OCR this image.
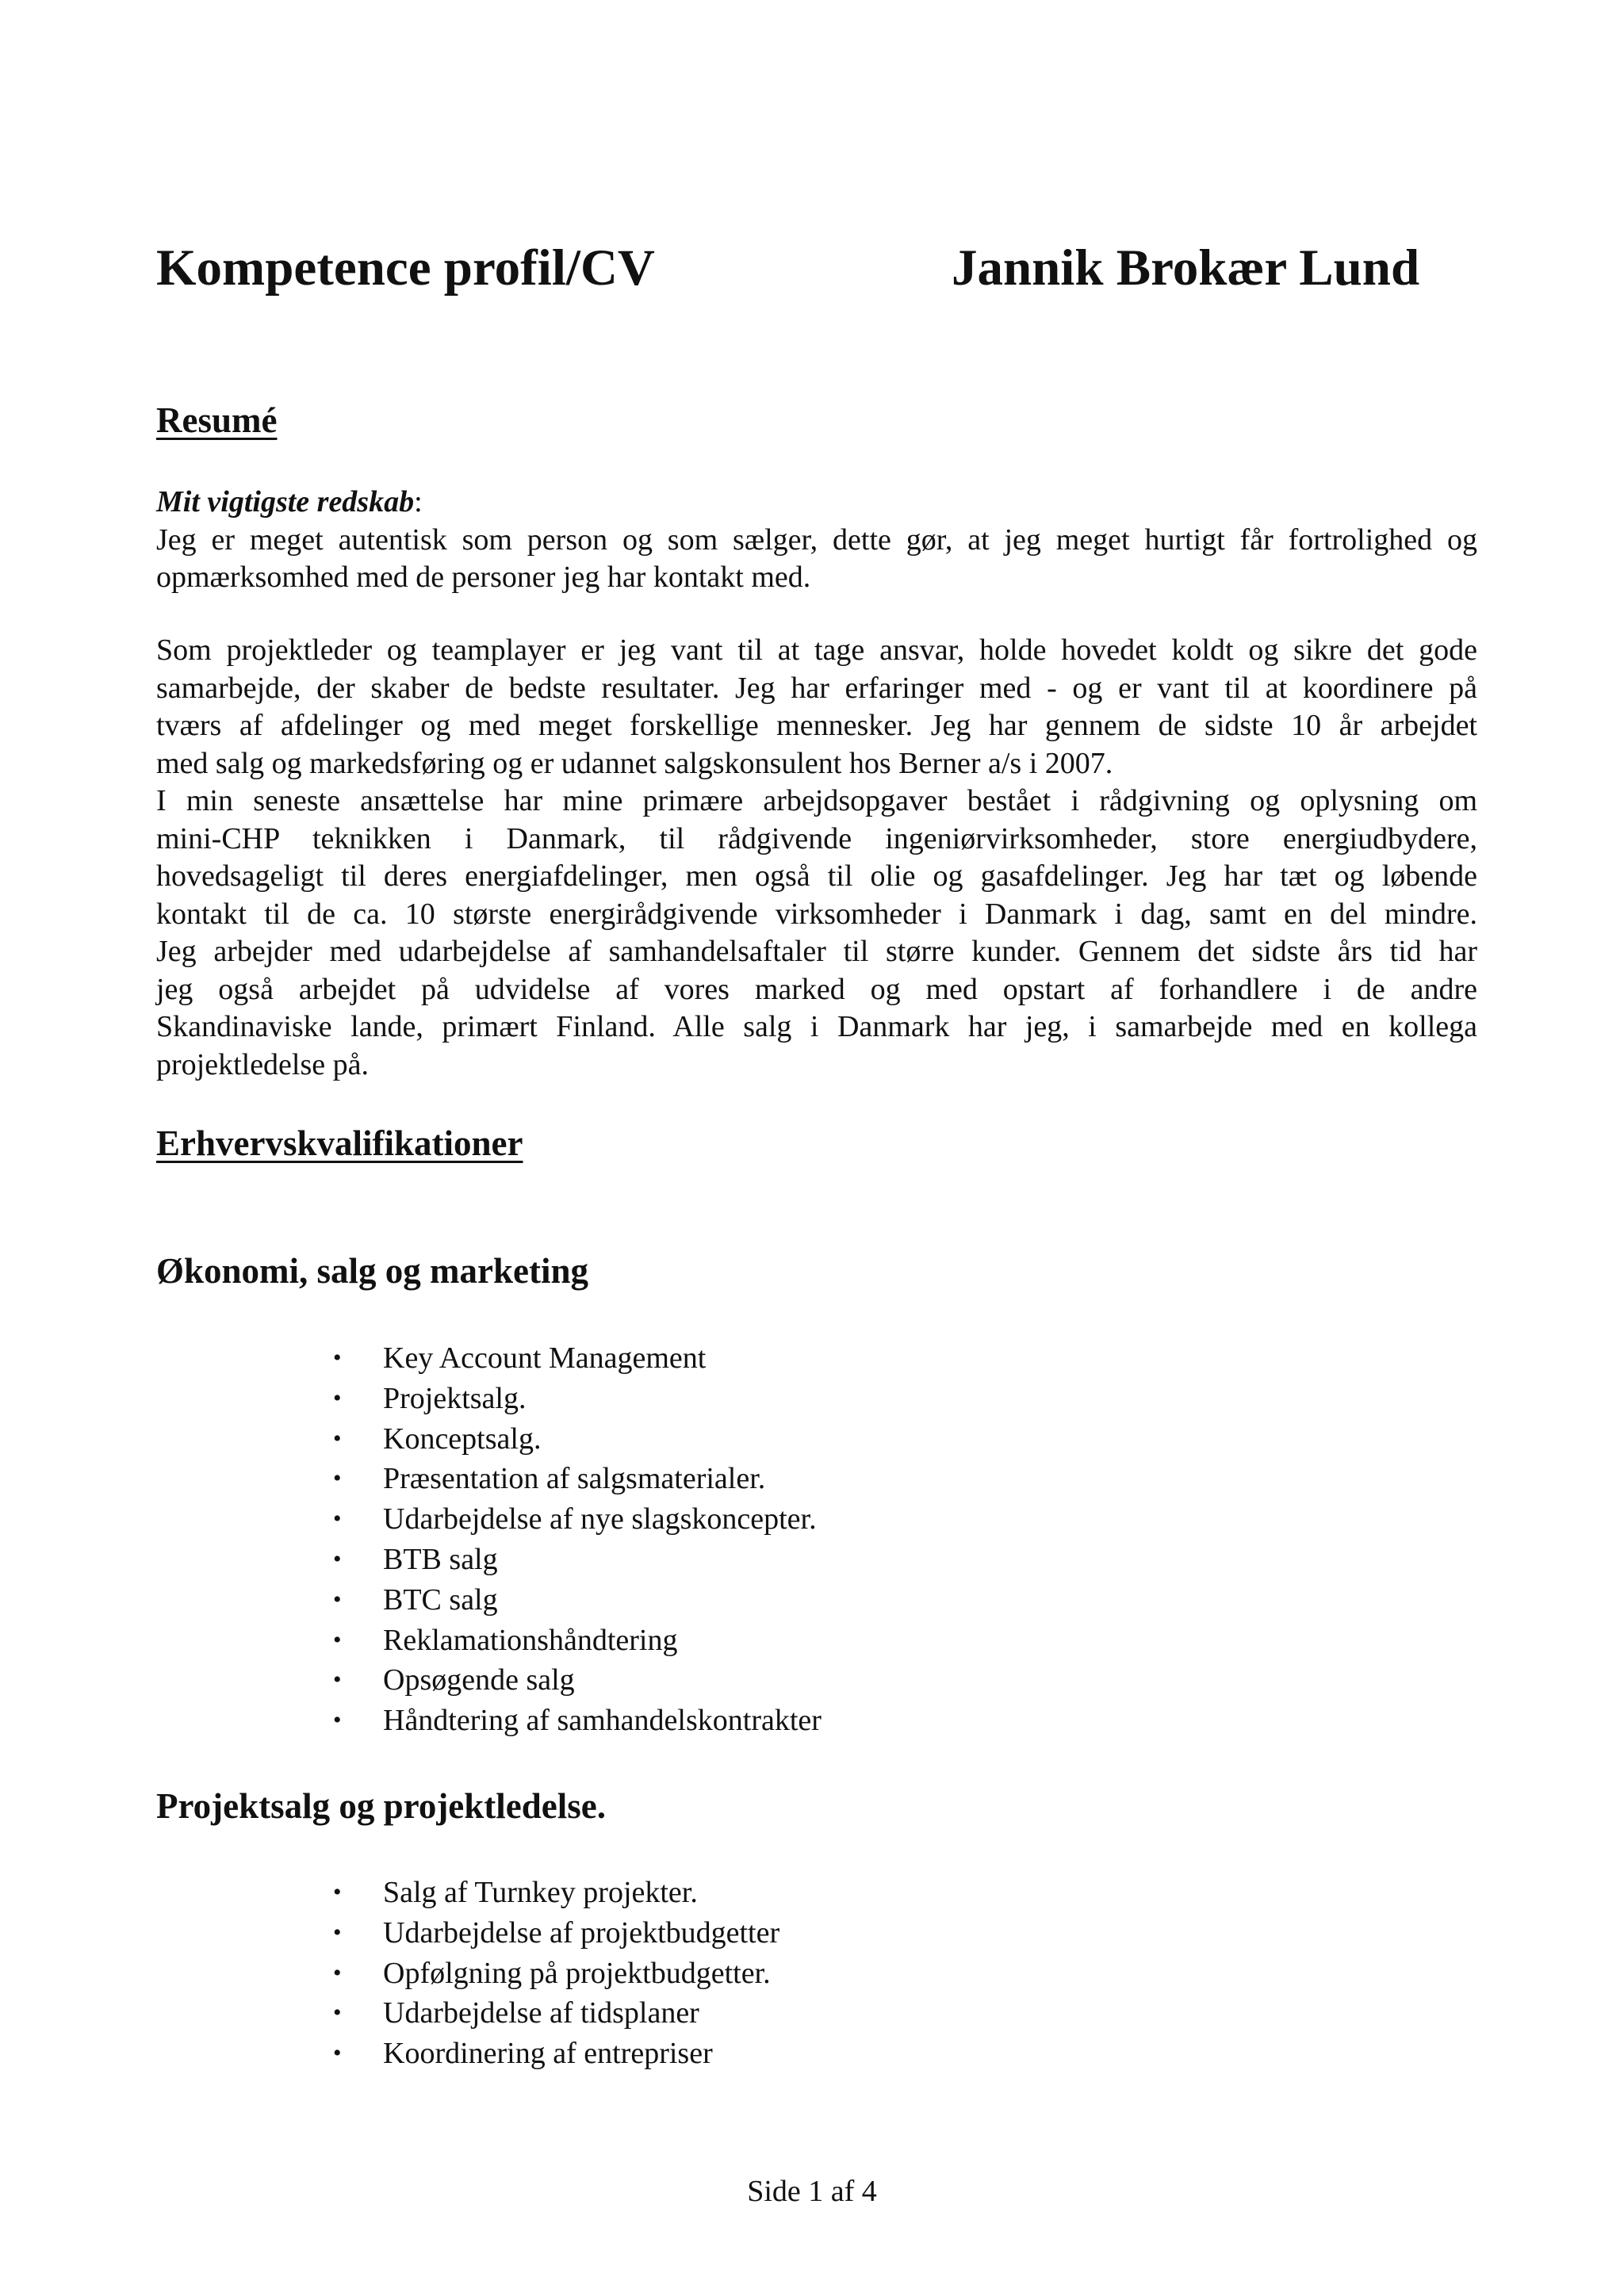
Kompetence profil/CV	Jannik Brokær Lund
Resumé
Mit vigtigste redskab:
Jeg er meget autentisk som person og som sælger, dette gør, at jeg meget hurtigt får fortrolighed og
opmærksomhed med de personer jeg har kontakt med.
Som projektleder og teamplayer er jeg vant til at tage ansvar, holde hovedet koldt og sikre det gode
samarbejde, der skaber de bedste resultater. Jeg har erfaringer med - og er vant til at koordinere på
tværs af afdelinger og med meget forskellige mennesker. Jeg har gennem de sidste 10 år arbejdet
med salg og markedsføring og er udannet salgskonsulent hos Berner a/s i 2007.
I min seneste ansættelse har mine primære arbejdsopgaver bestået i rådgivning og oplysning om
mini-CHP teknikken i Danmark, til rådgivende ingeniørvirksomheder, store energiudbydere,
hovedsageligt til deres energiafdelinger, men også til olie og gasafdelinger. Jeg har tæt og løbende
kontakt til de ca. 10 største energirådgivende virksomheder i Danmark i dag, samt en del mindre.
Jeg arbejder med udarbejdelse af samhandelsaftaler til større kunder. Gennem det sidste års tid har
jeg også arbejdet på udvidelse af vores marked og med opstart af forhandlere i de andre
Skandinaviske lande, primært Finland. Alle salg i Danmark har jeg, i samarbejde med en kollega
projektledelse på.
Erhvervskvalifikationer
Økonomi, salg og marketing
• Key Account Management
• Projektsalg.
• Konceptsalg.
• Præsentation af salgsmaterialer.
• Udarbejdelse af nye slagskoncepter.
• BTB salg
• BTC salg
• Reklamationshåndtering
• Opsøgende salg
• Håndtering af samhandelskontrakter
Projektsalg og projektledelse.
• Salg af Turnkey projekter.
• Udarbejdelse af projektbudgetter
• Opfølgning på projektbudgetter.
• Udarbejdelse af tidsplaner
• Koordinering af entrepriser
Side 1 af 4
